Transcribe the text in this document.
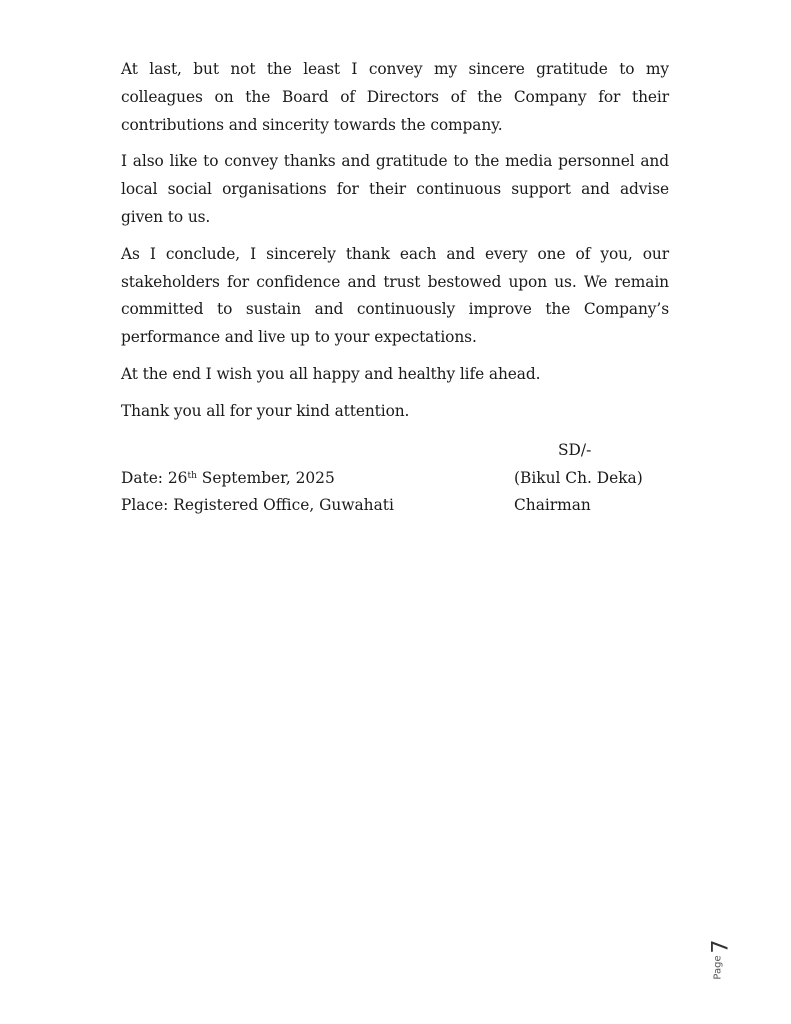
At last, but not the least I convey my sincere gratitude to my colleagues on the Board of Directors of the Company for their contributions and sincerity towards the company.

I also like to convey thanks and gratitude to the media personnel and local social organisations for their continuous support and advise given to us.

As I conclude, I sincerely thank each and every one of you, our stakeholders for confidence and trust bestowed upon us. We remain committed to sustain and continuously improve the Company’s performance and live up to your expectations.

At the end I wish you all happy and healthy life ahead.

Thank you all for your kind attention.

SD/-
Date: 26th September, 2025	(Bikul Ch. Deka)
Place: Registered Office, Guwahati	Chairman
Page
7
